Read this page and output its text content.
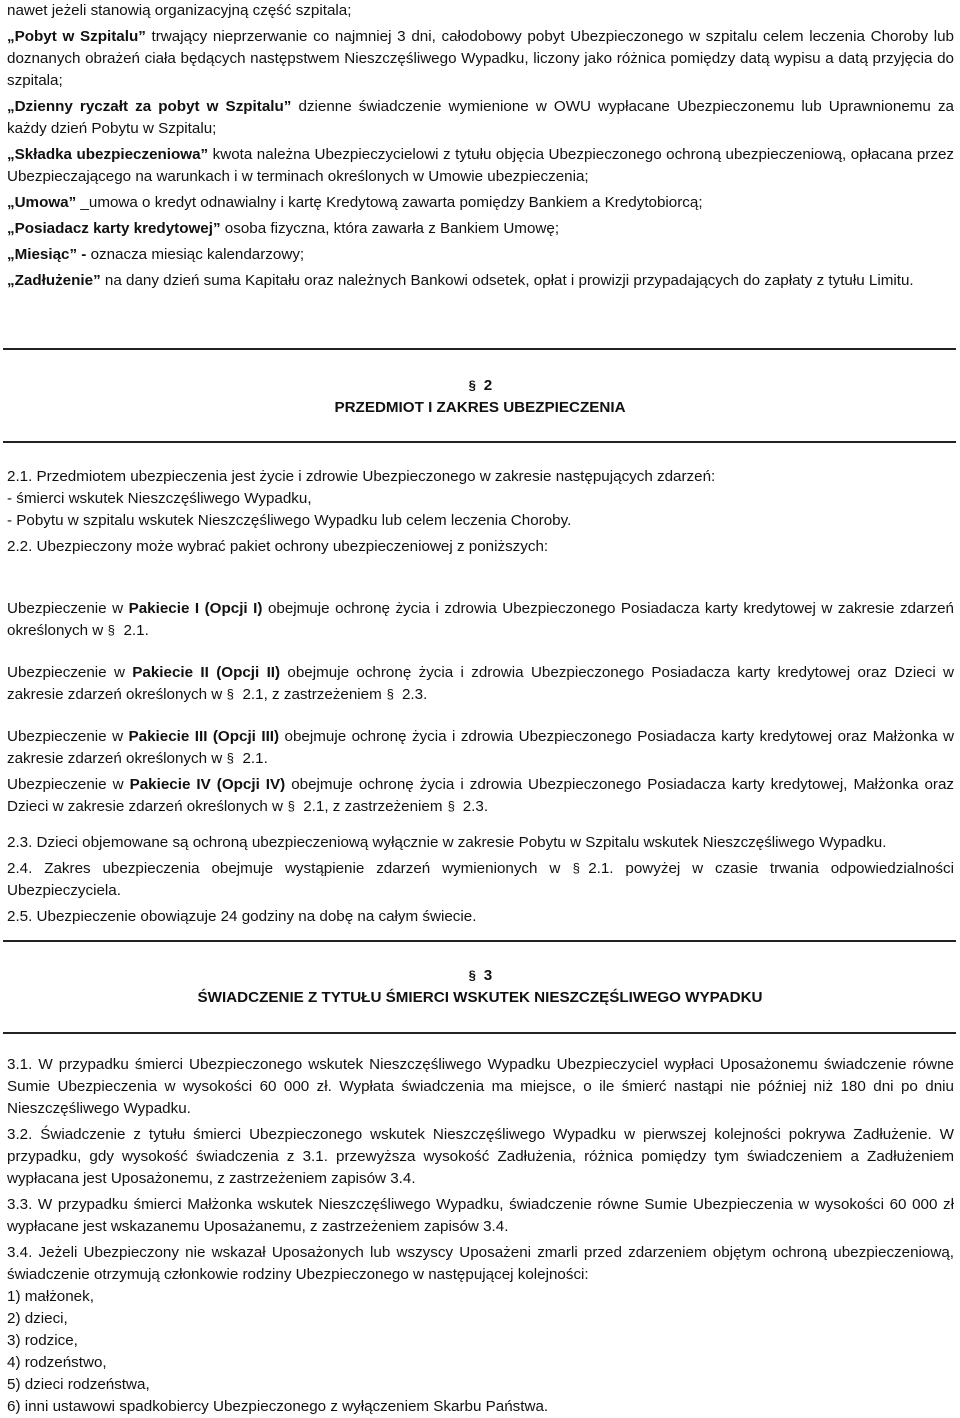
nawet jeżeli stanowią organizacyjną część szpitala;

„Pobyt w Szpitalu” trwający nieprzerwanie co najmniej 3 dni, całodobowy pobyt Ubezpieczonego w szpitalu celem leczenia Choroby lub doznanych obrażeń ciała będących następstwem Nieszczęśliwego Wypadku, liczony jako różnica pomiędzy datą wypisu a datą przyjęcia do szpitala;

„Dzienny ryczałt za pobyt w Szpitalu” dzienne świadczenie wymienione w OWU wypłacane Ubezpieczonemu lub Uprawnionemu za każdy dzień Pobytu w Szpitalu;

„Składka ubezpieczeniowa” kwota należna Ubezpieczycielowi z tytułu objęcia Ubezpieczonego ochroną ubezpieczeniową, opłacana przez Ubezpieczającego na warunkach i w terminach określonych w Umowie ubezpieczenia;

„Umowa” _umowa o kredyt odnawialny i kartę Kredytową zawarta pomiędzy Bankiem a Kredytobiorcą;

„Posiadacz karty kredytowej” osoba fizyczna, która zawarła z Bankiem Umowę;

„Miesiąc” - oznacza miesiąc kalendarzowy;

„Zadłużenie” na dany dzień suma Kapitału oraz należnych Bankowi odsetek, opłat i prowizji przypadających do zapłaty z tytułu Limitu.

§ 2
PRZEDMIOT I ZAKRES UBEZPIECZENIA

2.1. Przedmiotem ubezpieczenia jest życie i zdrowie Ubezpieczonego w zakresie następujących zdarzeń:

- śmierci wskutek Nieszczęśliwego Wypadku,

- Pobytu w szpitalu wskutek Nieszczęśliwego Wypadku lub celem leczenia Choroby.

2.2. Ubezpieczony może wybrać pakiet ochrony ubezpieczeniowej z poniższych:

Ubezpieczenie w Pakiecie I (Opcji I) obejmuje ochronę życia i zdrowia Ubezpieczonego Posiadacza karty kredytowej w zakresie zdarzeń określonych w § 2.1.

Ubezpieczenie w Pakiecie II (Opcji II) obejmuje ochronę życia i zdrowia Ubezpieczonego Posiadacza karty kredytowej oraz Dzieci w zakresie zdarzeń określonych w § 2.1, z zastrzeżeniem § 2.3.

Ubezpieczenie w Pakiecie III (Opcji III) obejmuje ochronę życia i zdrowia Ubezpieczonego Posiadacza karty kredytowej oraz Małżonka w zakresie zdarzeń określonych w § 2.1.

Ubezpieczenie w Pakiecie IV (Opcji IV) obejmuje ochronę życia i zdrowia Ubezpieczonego Posiadacza karty kredytowej, Małżonka oraz Dzieci w zakresie zdarzeń określonych w § 2.1, z zastrzeżeniem § 2.3.

2.3. Dzieci objemowane są ochroną ubezpieczeniową wyłącznie w zakresie Pobytu w Szpitalu wskutek Nieszczęśliwego Wypadku.

2.4. Zakres ubezpieczenia obejmuje wystąpienie zdarzeń wymienionych w § 2.1. powyżej w czasie trwania odpowiedzialności Ubezpieczyciela.

2.5. Ubezpieczenie obowiązuje 24 godziny na dobę na całym świecie.

§ 3
ŚWIADCZENIE Z TYTUŁU ŚMIERCI WSKUTEK NIESZCZĘŚLIWEGO WYPADKU

3.1. W przypadku śmierci Ubezpieczonego wskutek Nieszczęśliwego Wypadku Ubezpieczyciel wypłaci Uposażonemu świadczenie równe Sumie Ubezpieczenia w wysokości 60 000 zł. Wypłata świadczenia ma miejsce, o ile śmierć nastąpi nie później niż 180 dni po dniu Nieszczęśliwego Wypadku.

3.2. Świadczenie z tytułu śmierci Ubezpieczonego wskutek Nieszczęśliwego Wypadku w pierwszej kolejności pokrywa Zadłużenie. W przypadku, gdy wysokość świadczenia z 3.1. przewyższa wysokość Zadłużenia, różnica pomiędzy tym świadczeniem a Zadłużeniem wypłacana jest Uposażonemu, z zastrzeżeniem zapisów 3.4.

3.3. W przypadku śmierci Małżonka wskutek Nieszczęśliwego Wypadku, świadczenie równe Sumie Ubezpieczenia w wysokości 60 000 zł wypłacane jest wskazanemu Uposażanemu, z zastrzeżeniem zapisów 3.4.

3.4. Jeżeli Ubezpieczony nie wskazał Uposażonych lub wszyscy Uposażeni zmarli przed zdarzeniem objętym ochroną ubezpieczeniową, świadczenie otrzymują członkowie rodziny Ubezpieczonego w następującej kolejności:

1) małżonek,

2) dzieci,

3) rodzice,

4) rodzeństwo,

5) dzieci rodzeństwa,

6) inni ustawowi spadkobiercy Ubezpieczonego z wyłączeniem Skarbu Państwa.
